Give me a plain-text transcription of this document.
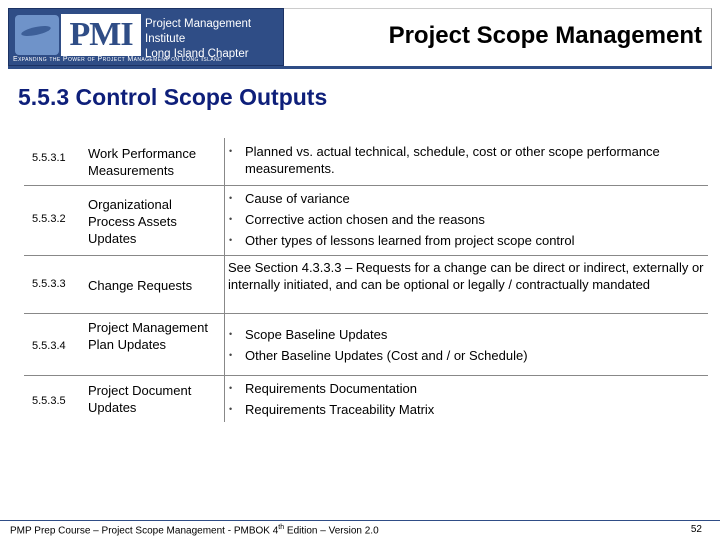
PMI	Project Management Institute
Long Island Chapter
Expanding the Power of Project Management on Long Island
Project Scope Management
5.5.3 Control Scope Outputs
5.5.3.1 Work Performance Measurements
• Planned vs. actual technical, schedule, cost or other scope performance measurements.
5.5.3.2
Organizational Process Assets Updates
• Cause of variance
• Corrective action chosen and the reasons
• Other types of lessons learned from project scope control
5.5.3.3 Change Requests

See Section 4.3.3.3 – Requests for a change can be direct or indirect, externally or internally initiated, and can be optional or legally / contractually mandated

5.5.3.4
Project Management Plan Updates
• Scope Baseline Updates
• Other Baseline Updates (Cost and / or Schedule)
5.5.3.5
Project Document Updates
• Requirements Documentation
• Requirements Traceability Matrix
PMP Prep Course – Project Scope Management - PMBOK 4th Edition – Version 2.0	52
